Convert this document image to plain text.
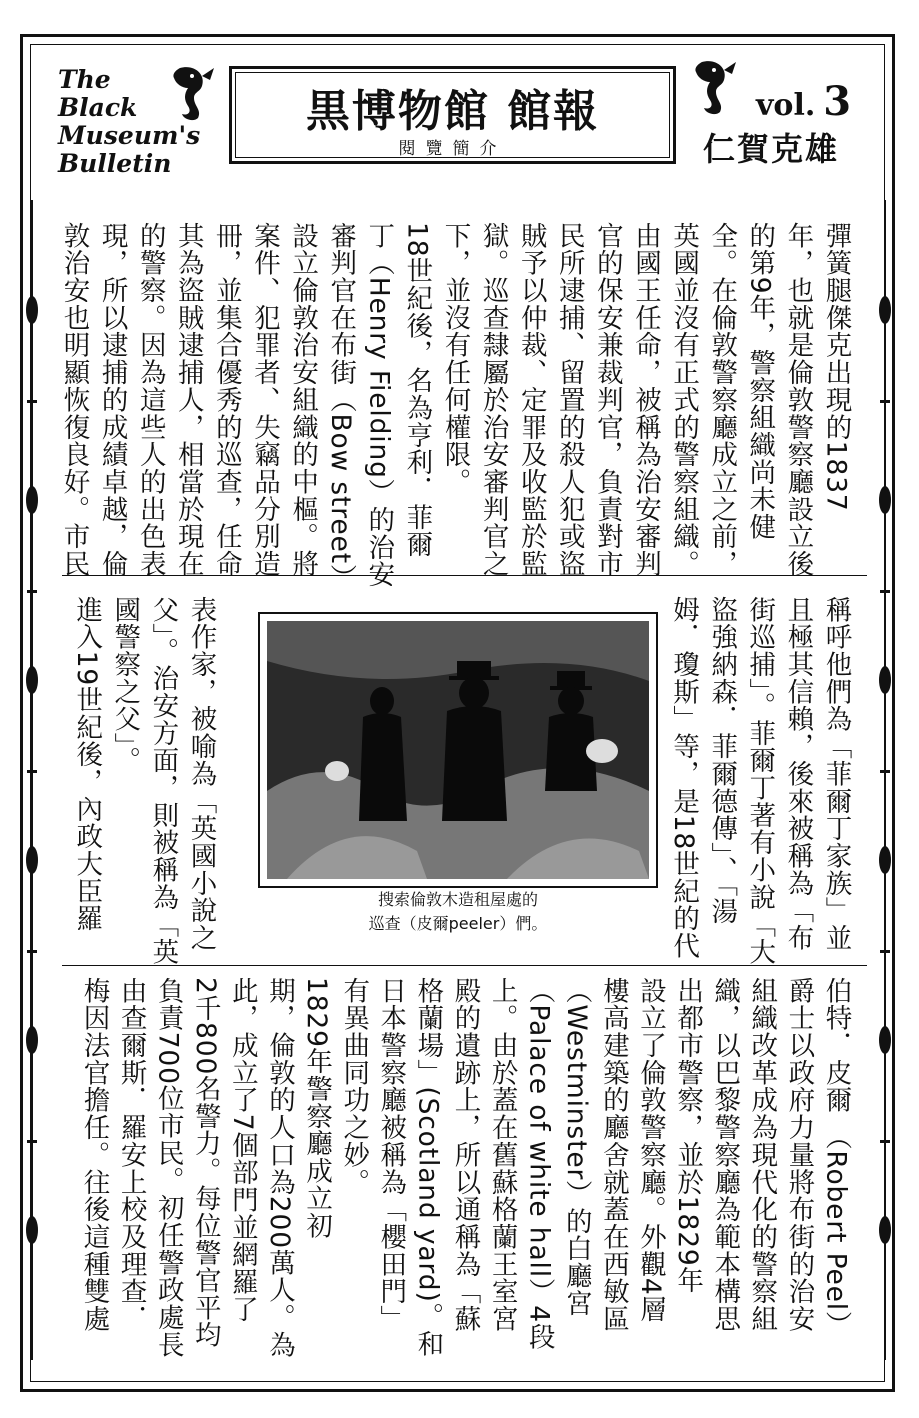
The
Black
Museum's
Bulletin
黒博物館 館報
閱覽簡介
vol. 3
仁賀克雄
彈簧腿傑克出現的1837
年，也就是倫敦警察廳設立後
的第9年，警察組織尚未健
全。在倫敦警察廳成立之前，
英國並沒有正式的警察組織。
由國王任命，被稱為治安審判
官的保安兼裁判官，負責對市
民所逮捕、留置的殺人犯或盜
賊予以仲裁、定罪及收監於監
獄。巡查隸屬於治安審判官之
下，並沒有任何權限。
18世紀後，名為亨利．菲爾
丁（Henry Fielding）的治安
審判官在布街（Bow street）
設立倫敦治安組織的中樞。將
案件、犯罪者、失竊品分別造
冊，並集合優秀的巡查，任命
其為盜賊逮捕人，相當於現在
的警察。因為這些人的出色表
現，所以逮捕的成績卓越，倫
敦治安也明顯恢復良好。市民
稱呼他們為「菲爾丁家族」並
且極其信賴，後來被稱為「布
街巡捕」。菲爾丁著有小說「大
盜強納森．菲爾德傳」、「湯
姆．瓊斯」等，是18世紀的代
表作家，被喻為「英國小說之
父」。治安方面，則被稱為「英
國警察之父」。
進入19世紀後，內政大臣羅	搜索倫敦木造租屋處的
巡查（皮爾peeler）們。
伯特．皮爾 （Robert Peel）
爵士以政府力量將布街的治安
組織改革成為現代化的警察組
織，以巴黎警察廳為範本構思
出都市警察，並於1829年
設立了倫敦警察廳。外觀4層
樓高建築的廳舍就蓋在西敏區
（Westminster）的白廳宮
（Palace of white hall）4段
上。由於蓋在舊蘇格蘭王室宮
殿的遺跡上，所以通稱為「蘇
格蘭場」(Scotland yard)。和
日本警察廳被稱為「櫻田門」
有異曲同功之妙。
1829年警察廳成立初
期，倫敦的人口為200萬人。為
此，成立了7個部門並網羅了
2千800名警力。每位警官平均
負責700位市民。初任警政處長
由查爾斯．羅安上校及理查．
梅因法官擔任。往後這種雙處
